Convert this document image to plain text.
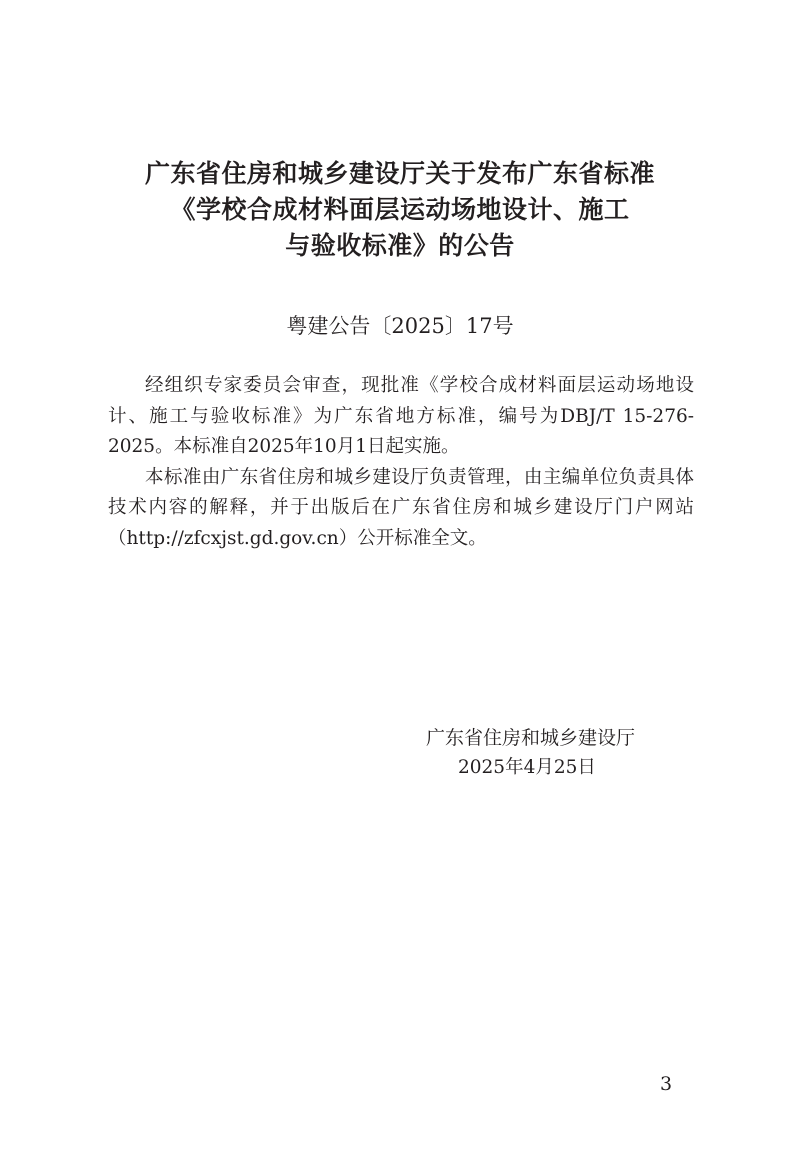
广东省住房和城乡建设厅关于发布广东省标准
《学校合成材料面层运动场地设计、施工
与验收标准》的公告
粤建公告〔2025〕17号

经组织专家委员会审查，现批准《学校合成材料面层运动场地设计、施工与验收标准》为广东省地方标准，编号为DBJ/T 15-276-2025。本标准自2025年10月1日起实施。

本标准由广东省住房和城乡建设厅负责管理，由主编单位负责具体技术内容的解释，并于出版后在广东省住房和城乡建设厅门户网站（http://zfcxjst.gd.gov.cn）公开标准全文。

广东省住房和城乡建设厅
2025年4月25日
3
